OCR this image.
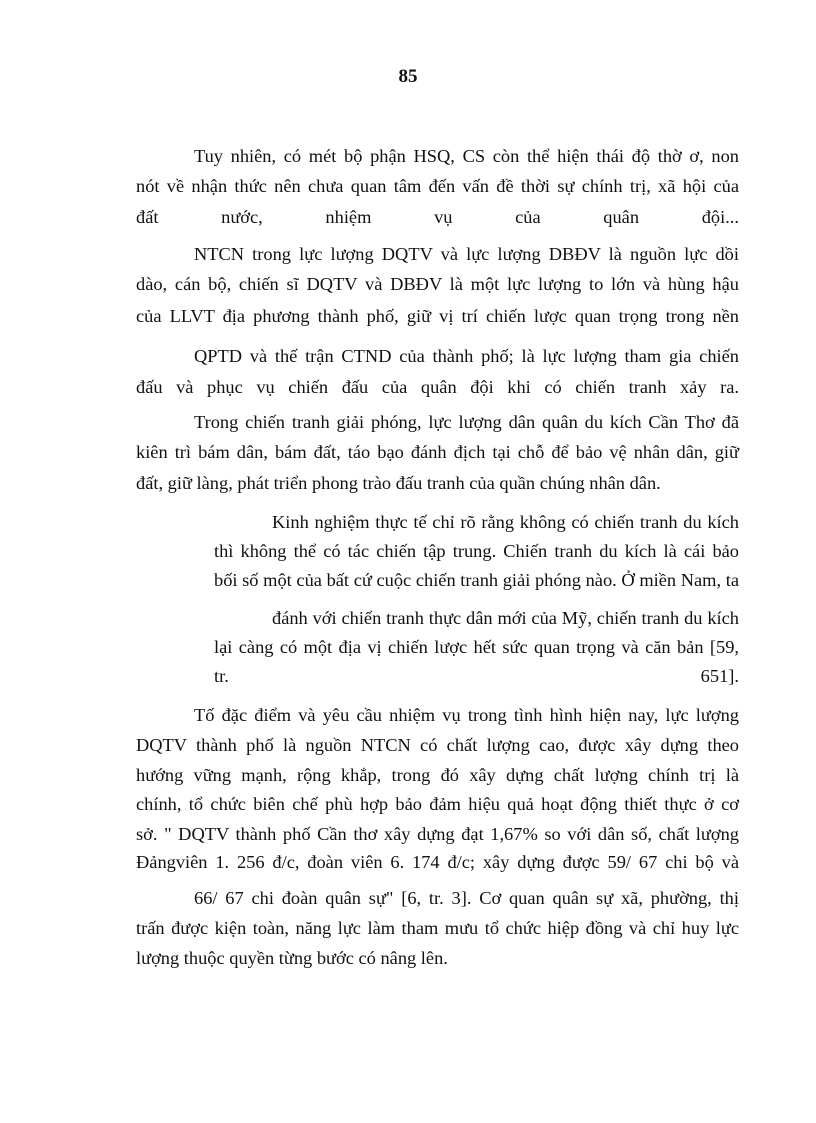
85
Tuy nhiên, có mét bộ phận HSQ, CS còn thể hiện thái độ thờ ơ, non
nót về nhận thức nên chưa quan tâm đến vấn đề thời sự chính trị, xã hội của
đất nước, nhiệm vụ của quân đội...
NTCN trong lực lượng DQTV và lực lượng DBĐV là nguồn lực dồi
dào, cán bộ, chiến sĩ DQTV và DBĐV là một lực lượng to lớn và hùng hậu
của LLVT địa phương thành phố, giữ vị trí chiến lược quan trọng trong nền
QPTD và thế trận CTND của thành phố; là lực lượng tham gia chiến
đấu và phục vụ chiến đấu của quân đội khi có chiến tranh xảy ra.
Trong chiến tranh giải phóng, lực lượng dân quân du kích Cần Thơ đã
kiên trì bám dân, bám đất, táo bạo đánh địch tại chỗ để bảo vệ nhân dân, giữ
đất, giữ làng, phát triển phong trào đấu tranh của quần chúng nhân dân.
Kinh nghiệm thực tế chỉ rõ rằng không có chiến tranh du kích
thì không thể có tác chiến tập trung. Chiến tranh du kích là cái bảo
bối số một của bất cứ cuộc chiến tranh giải phóng nào. Ở miền Nam, ta
đánh với chiến tranh thực dân mới của Mỹ, chiến tranh du kích
lại càng có một địa vị chiến lược hết sức quan trọng và căn bản [59,
tr. 651].
Tố đặc điểm và yêu cầu nhiệm vụ trong tình hình hiện nay, lực lượng
DQTV thành phố là nguồn NTCN có chất lượng cao, được xây dựng theo
hướng vững mạnh, rộng khắp, trong đó xây dựng chất lượng chính trị là
chính, tổ chức biên chế phù hợp bảo đảm hiệu quả hoạt động thiết thực ở cơ
sở. " DQTV thành phố Cần thơ xây dựng đạt 1,67% so với dân số, chất lượng
Đảngviên 1. 256 đ/c, đoàn viên 6. 174 đ/c; xây dựng được 59/ 67 chi bộ và
66/ 67 chi đoàn quân sự" [6, tr. 3]. Cơ quan quân sự xã, phường, thị
trấn được kiện toàn, năng lực làm tham mưu tổ chức hiệp đồng và chỉ huy lực
lượng thuộc quyền từng bước có nâng lên.
